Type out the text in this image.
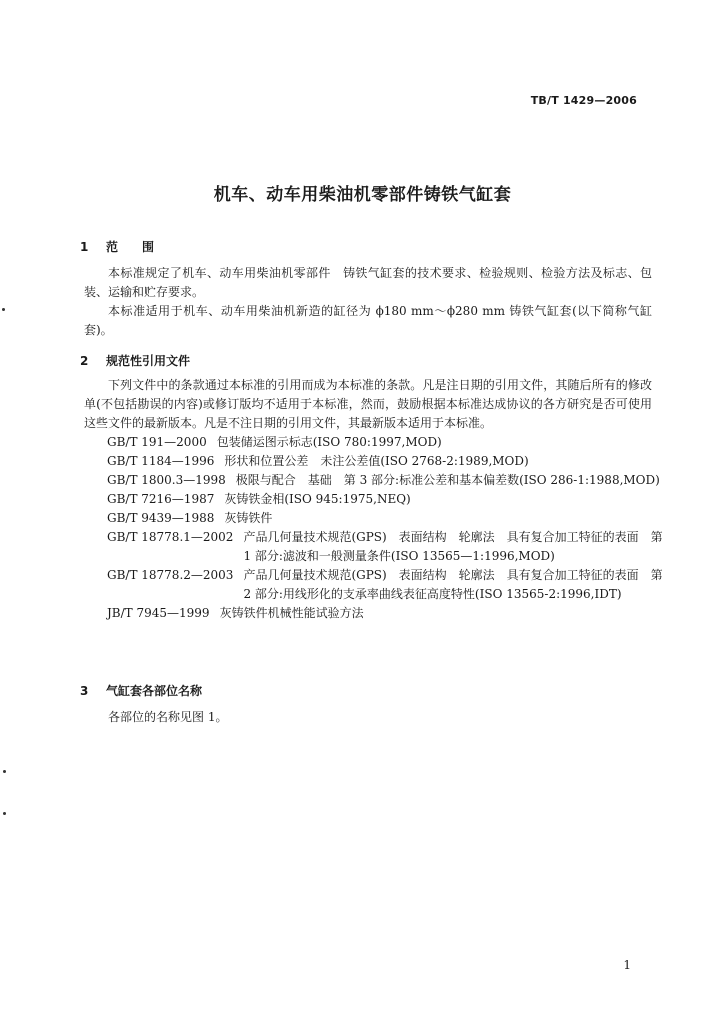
TB/T 1429—2006
机车、动车用柴油机零部件铸铁气缸套
1 范　　围

本标准规定了机车、动车用柴油机零部件　铸铁气缸套的技术要求、检验规则、检验方法及标志、包装、运输和贮存要求。

本标准适用于机车、动车用柴油机新造的缸径为 ϕ180 mm～ϕ280 mm 铸铁气缸套(以下简称气缸套)。

2 规范性引用文件

下列文件中的条款通过本标准的引用而成为本标准的条款。凡是注日期的引用文件，其随后所有的修改单(不包括勘误的内容)或修订版均不适用于本标准，然而，鼓励根据本标准达成协议的各方研究是否可使用这些文件的最新版本。凡是不注日期的引用文件，其最新版本适用于本标准。

GB/T 191—2000 包装储运图示标志(ISO 780:1997,MOD)
GB/T 1184—1996 形状和位置公差　未注公差值(ISO 2768-2:1989,MOD)
GB/T 1800.3—1998 极限与配合　基础　第 3 部分:标准公差和基本偏差数(ISO 286-1:1988,MOD)
GB/T 7216—1987 灰铸铁金相(ISO 945:1975,NEQ)
GB/T 9439—1988 灰铸铁件
GB/T 18778.1—2002 产品几何量技术规范(GPS)　表面结构　轮廓法　具有复合加工特征的表面　第 1 部分:滤波和一般测量条件(ISO 13565—1:1996,MOD)
GB/T 18778.2—2003 产品几何量技术规范(GPS)　表面结构　轮廓法　具有复合加工特征的表面　第 2 部分:用线形化的支承率曲线表征高度特性(ISO 13565-2:1996,IDT)
JB/T 7945—1999 灰铸铁件机械性能试验方法
3 气缸套各部位名称

各部位的名称见图 1。

1
